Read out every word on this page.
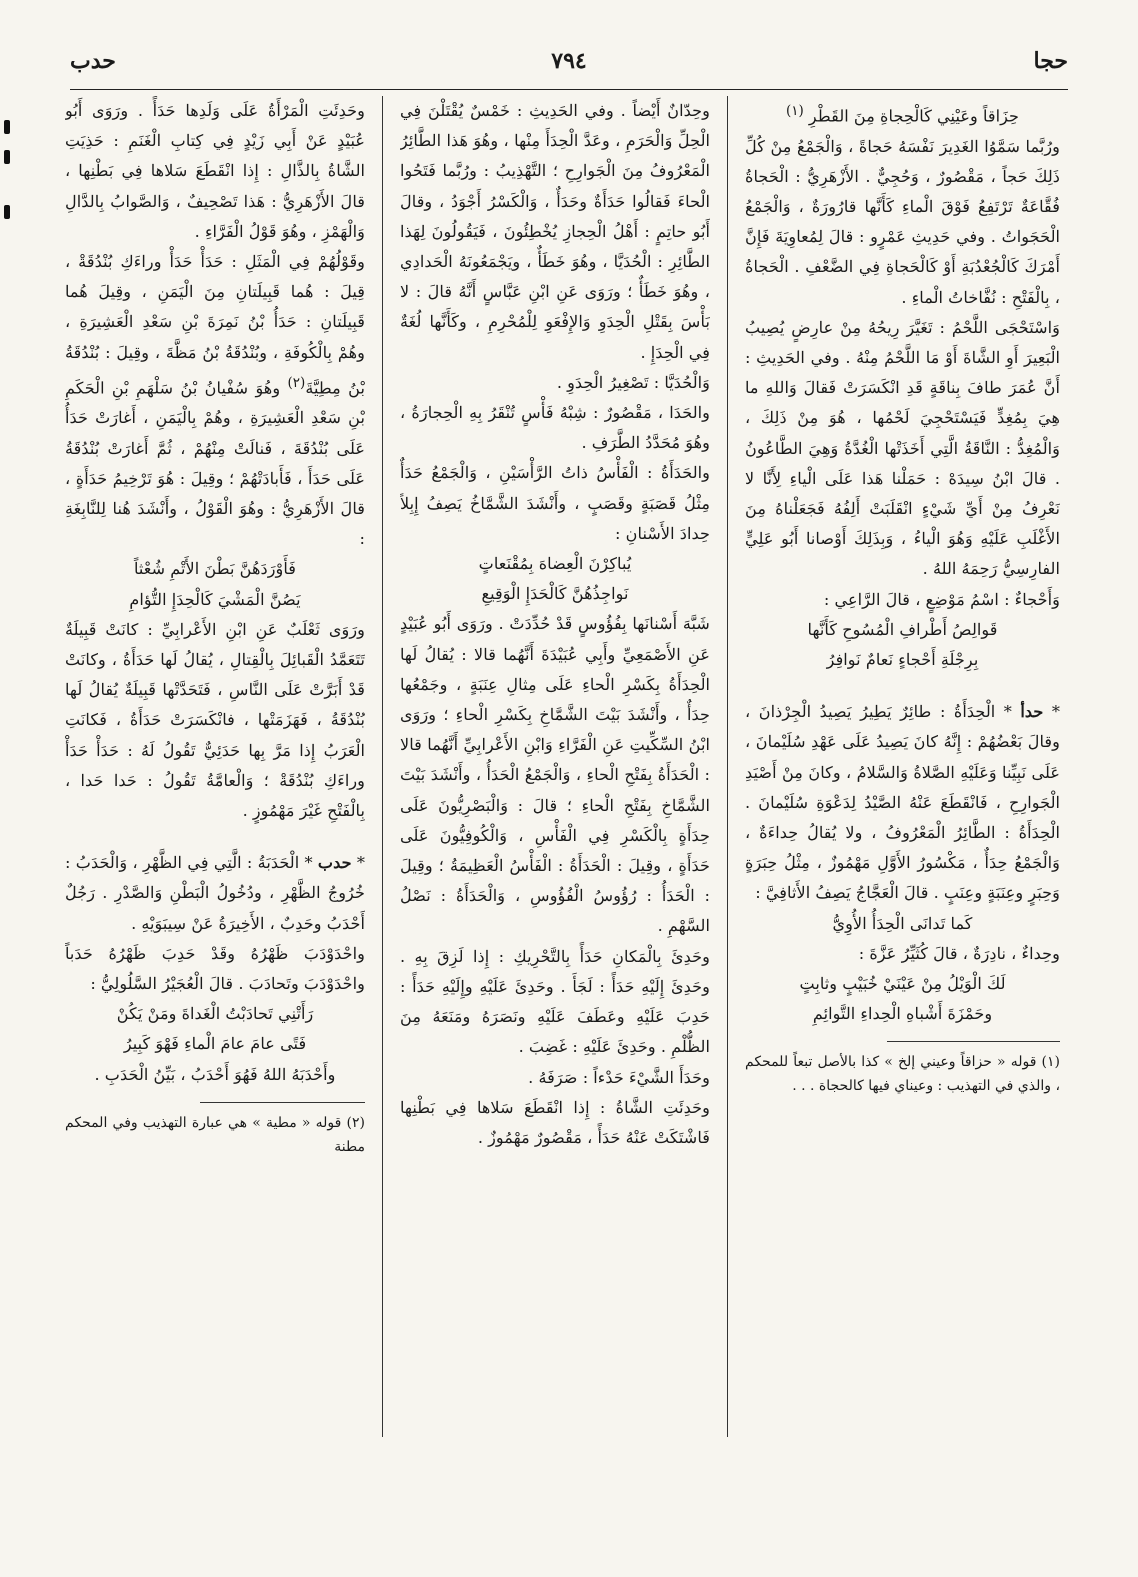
حجا
٧٩٤
حدب

حِزَاقاً وعَيْنِي كَالْحِجاةِ مِنَ القَطْرِ $^{(١)}$

ورُبَّما سَمَّوُا الغَدِيرَ نَفْسَهُ حَجاةً ، وَالْجَمْعُ مِنْ كُلِّ ذَلِكَ حَجاً ، مَقْصُورٌ ، وَحُجِيٌّ . الأَزْهَرِيُّ : الْحَجاةُ فُقَّاعَةٌ تَرْتَفِعُ فَوْقَ الْماءِ كَأَنَّها قارُورَةٌ ، وَالْجَمْعُ الْحَجَواتُ . وفي حَدِيثِ عَمْرٍو : قالَ لِمُعاوِيَةَ فَإِنَّ أَمْرَكَ كَالْجُعْدُبَةِ أَوْ كَالْحَجاةِ فِي الضَّعْفِ . الْحَجاةُ ، بِالْفَتْحِ : نُفَّاخاتُ الْماءِ .

وَاسْتَحْجَى اللَّحْمُ : تَغَيَّرَ رِيحُهُ مِنْ عارِضٍ يُصِيبُ الْبَعِيرَ أَوِ الشَّاةَ أَوْ مَا اللَّحْمُ مِنْهُ . وفي الحَدِيثِ : أَنَّ عُمَرَ طافَ بِناقَةٍ قَدِ انْكَسَرَتْ فَقالَ وَاللهِ ما هِيَ بِمُغِدٍّ فَيَسْتَحْجِيَ لَحْمُها ، هُوَ مِنْ ذَلِكَ ، وَالْمُغِدُّ : النَّاقَةُ الَّتِي أَخَذَتْها الْغُدَّةُ وَهِيَ الطَّاعُونُ . قالَ ابْنُ سِيدَهْ : حَمَلْنا هَذا عَلَى الْياءِ لِأَنَّا لا نَعْرِفُ مِنْ أَيِّ شَيْءٍ انْقَلَبَتْ أَلِفُهُ فَجَعَلْناهُ مِنَ الأَغْلَبِ عَلَيْهِ وَهُوَ الْياءُ ، وَبِذَلِكَ أَوْصانا أَبُو عَلِيٍّ الفارِسِيُّ رَحِمَهُ اللهُ .

وَأَحْجاءٌ : اسْمُ مَوْضِعٍ ، قالَ الرَّاعِي :

قَوالِصُ أَطْرافِ الْمُسُوحِ كَأَنَّها

بِرِجْلَةِ أَحْجاءٍ نَعامٌ نَوافِرُ

* حدأ * الْحِدَأَةُ : طائِرٌ يَطِيرُ يَصِيدُ الْجِرْذانَ ، وقالَ بَعْضُهُمْ : إِنَّهُ كانَ يَصِيدُ عَلَى عَهْدِ سُلَيْمانَ ، عَلَى نَبِيِّنا وَعَلَيْهِ الصَّلاةُ وَالسَّلامُ ، وكانَ مِنْ أَصْيَدِ الْجَوارِحِ ، فَانْقَطَعَ عَنْهُ الصَّيْدُ لِدَعْوَةِ سُلَيْمانَ . الْحِدَأَةُ : الطَّائِرُ الْمَعْرُوفُ ، ولا يُقالُ حِداءَةٌ ، وَالْجَمْعُ حِدَأٌ ، مَكْسُورُ الأَوَّلِ مَهْمُوزٌ ، مِثْلُ حِبَرَةٍ وَحِبَرٍ وعِنَبَةٍ وعِنَبٍ . قالَ الْعَجَّاجُ يَصِفُ الأَثافِيَّ :

كَما تَدانَى الْحِدَأُ الأُوِيُّ

وحِداءٌ ، نادِرَةٌ ، قالَ كُثَيِّرُ عَزَّةَ :

لَكَ الْوَيْلُ مِنْ عَيْنَيْ خُبَيْبٍ وثابِتٍ

وحَمْزَةَ أَشْباهِ الْحِداءِ التَّوائِمِ

(١) قوله « حزاقاً وعيني إلخ » كذا بالأصل تبعاً للمحكم ، والذي في التهذيب : وعيناي فيها كالحجاة . . .

وحِدّانٌ أَيْضاً . وفي الحَدِيثِ : خَمْسٌ يُقْتَلْنَ فِي الْحِلِّ وَالْحَرَمِ ، وعَدَّ الْحِدَأَ مِنْها ، وهُوَ هَذا الطَّائِرُ الْمَعْرُوفُ مِنَ الْجَوارِحِ ؛ التَّهْذِيبُ : ورُبَّما فَتَحُوا الْحاءَ فَقالُوا حَدَأَةٌ وحَدَأٌ ، وَالْكَسْرُ أَجْوَدُ ، وقالَ أَبُو حاتِمٍ : أَهْلُ الْحِجازِ يُخْطِئُونَ ، فَيَقُولُونَ لِهَذا الطَّائِرِ : الْحُدَيَّا ، وهُوَ خَطَأٌ ، ويَجْمَعُونَهُ الْحَدادِي ، وهُوَ خَطَأٌ ؛ ورَوَى عَنِ ابْنِ عَبَّاسٍ أَنَّهُ قالَ : لا بَأْسَ بِقَتْلِ الْحِدَوِ وَالإِفْعَوِ لِلْمُحْرِمِ ، وكَأَنَّها لُغَةٌ فِي الْحِدَإِ .

وَالْحُدَيَّا : تَصْغِيرُ الْحِدَوِ .

والحَدَا ، مَقْصُورٌ : شِبْهُ فَأْسٍ تُنْقَرُ بِهِ الْحِجارَةُ ، وهُوَ مُحَدَّدُ الطَّرَفِ .

والحَدَأَةُ : الْفَأْسُ ذاتُ الرَّأْسَيْنِ ، وَالْجَمْعُ حَدَأٌ مِثْلُ قَصَبَةٍ وقَصَبٍ ، وأَنْشَدَ الشَّمَّاخُ يَصِفُ إِبِلاً حِدادَ الأَسْنانِ :

يُباكِرْنَ الْعِضاهَ بِمُقْنَعاتٍ

نَواجِذُهُنَّ كَالْحَدَإِ الْوَقِيعِ

شَبَّهَ أَسْنانَها بِفُؤُوسٍ قَدْ حُدِّدَتْ . ورَوَى أَبُو عُبَيْدٍ عَنِ الأَصْمَعِيِّ وأَبِي عُبَيْدَةَ أَنَّهُما قالا : يُقالُ لَها الْحِدَأَةُ بِكَسْرِ الْحاءِ عَلَى مِثالِ عِنَبَةٍ ، وجَمْعُها حِدَأٌ ، وأَنْشَدَ بَيْتَ الشَّمَّاخِ بِكَسْرِ الْحاءِ ؛ ورَوَى ابْنُ السِّكِّيتِ عَنِ الْفَرَّاءِ وَابْنِ الأَعْرابِيِّ أَنَّهُما قالا : الْحَدَأَةُ بِفَتْحِ الْحاءِ ، وَالْجَمْعُ الْحَدَأُ ، وأَنْشَدَ بَيْتَ الشَّمَّاخِ بِفَتْحِ الْحاءِ ؛ قالَ : وَالْبَصْرِيُّونَ عَلَى حِدَأَةٍ بِالْكَسْرِ فِي الْفَأْسِ ، وَالْكُوفِيُّونَ عَلَى حَدَأَةٍ ، وقِيلَ : الْحَدَأَةُ : الْفَأْسُ الْعَظِيمَةُ ؛ وقِيلَ : الْحَدَأُ : رُؤُوسُ الْفُؤُوسِ ، وَالْحَدَأَةُ : نَصْلُ السَّهْمِ .

وحَدِئَ بِالْمَكانِ حَدَأً بِالتَّحْرِيكِ : إِذا لَزِقَ بِهِ . وحَدِئَ إِلَيْهِ حَدَأً : لَجَأَ . وحَدِئَ عَلَيْهِ وإِلَيْهِ حَدَأً : حَدِبَ عَلَيْهِ وعَطَفَ عَلَيْهِ ونَصَرَهُ ومَنَعَهُ مِنَ الظُّلْمِ . وحَدِئَ عَلَيْهِ : غَضِبَ .

وحَدَأَ الشَّيْءَ حَدْءاً : صَرَفَهُ .

وحَدِئَتِ الشَّاةُ : إِذا انْقَطَعَ سَلاها فِي بَطْنِها فَاشْتَكَتْ عَنْهُ حَدَأً ، مَقْصُورٌ مَهْمُوزٌ .

وحَدِئَتِ الْمَرْأَةُ عَلَى وَلَدِها حَدَأً . ورَوَى أَبُو عُبَيْدٍ عَنْ أَبِي زَيْدٍ فِي كِتابِ الْغَنَمِ : حَذِيَتِ الشَّاةُ بِالذَّالِ : إِذا انْقَطَعَ سَلاها فِي بَطْنِها ، قالَ الأَزْهَرِيُّ : هَذا تَصْحِيفٌ ، وَالصَّوابُ بِالدَّالِ وَالْهَمْزِ ، وهُوَ قَوْلُ الْفَرَّاءِ .

وقَوْلُهُمْ فِي الْمَثَلِ : حَدَأْ حَدَأْ وراءَكِ بُنْدُقَةْ ، قِيلَ : هُما قَبِيلَتانِ مِنَ الْيَمَنِ ، وقِيلَ هُما قَبِيلَتانِ : حَدَأُ بْنُ نَمِرَةَ بْنِ سَعْدِ الْعَشِيرَةِ ، وهُمْ بِالْكُوفَةِ ، وبُنْدُقَةُ بْنُ مَظَّةَ ، وقِيلَ : بُنْدُقَةُ بْنُ مِطِيَّةَ$^{(٢)}$ وهُوَ سُفْيانُ بْنُ سَلْهَمِ بْنِ الْحَكَمِ بْنِ سَعْدِ الْعَشِيرَةِ ، وهُمْ بِالْيَمَنِ ، أَغارَتْ حَدَأُ عَلَى بُنْدُقَةَ ، فَنالَتْ مِنْهُمْ ، ثُمَّ أَغارَتْ بُنْدُقَةُ عَلَى حَدَأَ ، فَأَبادَتْهُمْ ؛ وقِيلَ : هُوَ تَرْخِيمُ حَدَأَةٍ ، قالَ الأَزْهَرِيُّ : وهُوَ الْقَوْلُ ، وأَنْشَدَ هُنا لِلنَّابِغَةِ :

فَأَوْرَدَهُنَّ بَطْنَ الأَتْمِ شُعْثاً

يَصُنَّ الْمَشْيَ كَالْحِدَإِ التُّؤامِ

ورَوَى ثَعْلَبٌ عَنِ ابْنِ الأَعْرابِيِّ : كانَتْ قَبِيلَةٌ تَتَعَمَّدُ الْقَبائِلَ بِالْقِتالِ ، يُقالُ لَها حَدَأَةُ ، وكانَتْ قَدْ أَبَرَّتْ عَلَى النَّاسِ ، فَتَحَدَّتْها قَبِيلَةٌ يُقالُ لَها بُنْدُقَةُ ، فَهَزَمَتْها ، فانْكَسَرَتْ حَدَأَةُ ، فَكانَتِ الْعَرَبُ إِذا مَرَّ بِها حَدَئِيٌّ تَقُولُ لَهُ : حَدَأْ حَدَأْ وراءَكِ بُنْدُقَةْ ؛ وَالْعامَّةُ تَقُولُ : حَدا حَدا ، بِالْفَتْحِ غَيْرَ مَهْمُوزٍ .

* حدب * الْحَدَبَةُ : الَّتِي فِي الظَّهْرِ ، وَالْحَدَبُ : خُرُوجُ الظَّهْرِ ، ودُخُولُ الْبَطْنِ وَالصَّدْرِ . رَجُلٌ أَحْدَبُ وحَدِبٌ ، الأَخِيرَةُ عَنْ سِيبَوَيْهِ .

واحْدَوْدَبَ ظَهْرُهُ وقَدْ حَدِبَ ظَهْرُهُ حَدَباً واحْدَوْدَبَ وتَحادَبَ . قالَ الْعُجَيْرُ السَّلُولِيُّ :

رَأَتْنِي تَحادَبْتُ الْغَداةَ ومَنْ يَكُنْ

فَتًى عامَ عامَ الْماءِ فَهْوَ كَبِيرُ

وأَحْدَبَهُ اللهُ فَهُوَ أَحْدَبُ ، بَيِّنُ الْحَدَبِ .

(٢) قوله « مطية » هي عبارة التهذيب وفي المحكم مطنة
